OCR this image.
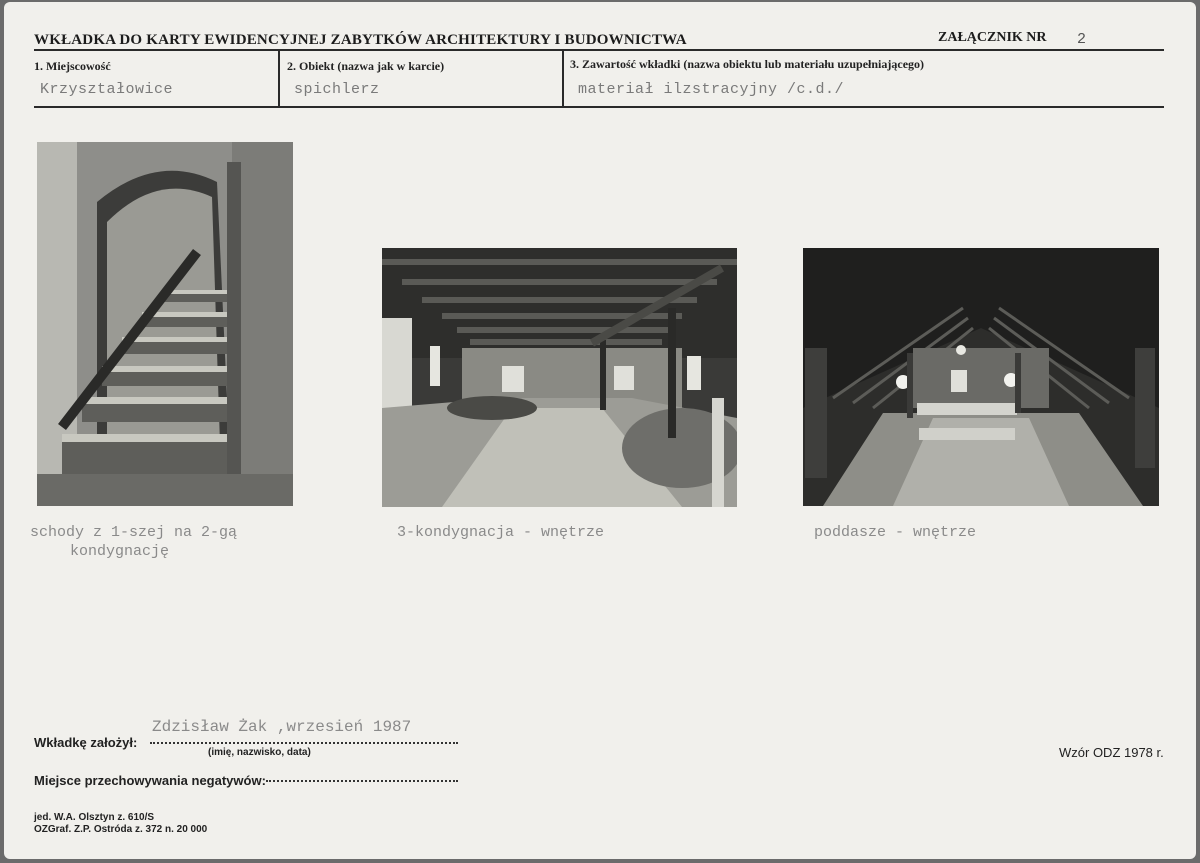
WKŁADKA DO KARTY EWIDENCYJNEJ ZABYTKÓW ARCHITEKTURY I BUDOWNICTWA	ZAŁĄCZNIK NR 2
1. Miejscowość
Krzyształowice
2. Obiekt (nazwa jak w karcie)
spichlerz
3. Zawartość wkładki (nazwa obiektu lub materiału uzupełniającego)
materiał ilzstracyjny /c.d./
schody z 1-szej na 2-gą
kondygnację
3-kondygnacja - wnętrze	poddasze - wnętrze
Wkładkę założył:
Zdzisław Żak ,wrzesień 1987
(imię, nazwisko, data)
Miejsce przechowywania negatywów:
Wzór ODZ 1978 r.
jed. W.A. Olsztyn z. 610/S
OZGraf. Z.P. Ostróda z. 372 n. 20 000
